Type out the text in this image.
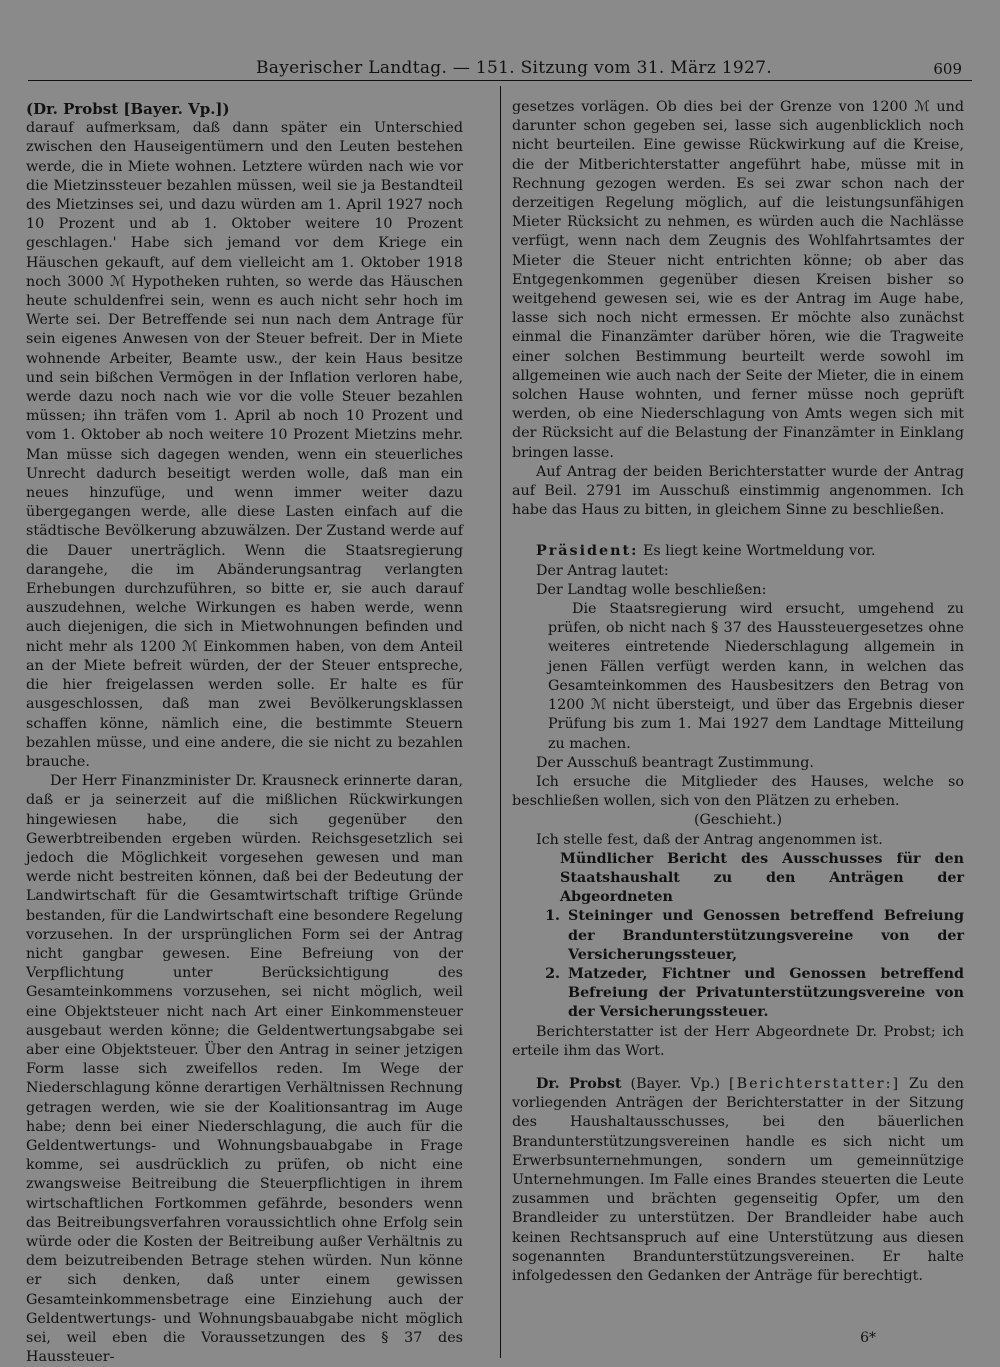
Bayerischer Landtag. — 151. Sitzung vom 31. März 1927.	609

(Dr. Probst [Bayer. Vp.])

darauf aufmerksam, daß dann später ein Unterschied zwischen den Hauseigentümern und den Leuten bestehen werde, die in Miete wohnen. Letztere würden nach wie vor die Mietzinssteuer bezahlen müssen, weil sie ja Bestandteil des Mietzinses sei, und dazu würden am 1. April 1927 noch 10 Prozent und ab 1. Oktober weitere 10 Prozent geschlagen.' Habe sich jemand vor dem Kriege ein Häuschen gekauft, auf dem vielleicht am 1. Oktober 1918 noch 3000 ℳ Hypotheken ruhten, so werde das Häuschen heute schuldenfrei sein, wenn es auch nicht sehr hoch im Werte sei. Der Betreffende sei nun nach dem Antrage für sein eigenes Anwesen von der Steuer befreit. Der in Miete wohnende Arbeiter, Beamte usw., der kein Haus besitze und sein bißchen Vermögen in der Inflation verloren habe, werde dazu noch nach wie vor die volle Steuer bezahlen müssen; ihn träfen vom 1. April ab noch 10 Prozent und vom 1. Oktober ab noch weitere 10 Prozent Mietzins mehr. Man müsse sich dagegen wenden, wenn ein steuerliches Unrecht dadurch beseitigt werden wolle, daß man ein neues hinzufüge, und wenn immer weiter dazu übergegangen werde, alle diese Lasten einfach auf die städtische Bevölkerung abzuwälzen. Der Zustand werde auf die Dauer unerträglich. Wenn die Staatsregierung darangehe, die im Abänderungsantrag verlangten Erhebungen durchzuführen, so bitte er, sie auch darauf auszudehnen, welche Wirkungen es haben werde, wenn auch diejenigen, die sich in Mietwohnungen befinden und nicht mehr als 1200 ℳ Einkommen haben, von dem Anteil an der Miete befreit würden, der der Steuer entspreche, die hier freigelassen werden solle. Er halte es für ausgeschlossen, daß man zwei Bevölkerungsklassen schaffen könne, nämlich eine, die bestimmte Steuern bezahlen müsse, und eine andere, die sie nicht zu bezahlen brauche.

Der Herr Finanzminister Dr. Krausneck erinnerte daran, daß er ja seinerzeit auf die mißlichen Rückwirkungen hingewiesen habe, die sich gegenüber den Gewerbtreibenden ergeben würden. Reichsgesetzlich sei jedoch die Möglichkeit vorgesehen gewesen und man werde nicht bestreiten können, daß bei der Bedeutung der Landwirtschaft für die Gesamtwirtschaft triftige Gründe bestanden, für die Landwirtschaft eine besondere Regelung vorzusehen. In der ursprünglichen Form sei der Antrag nicht gangbar gewesen. Eine Befreiung von der Verpflichtung unter Berücksichtigung des Gesamteinkommens vorzusehen, sei nicht möglich, weil eine Objektsteuer nicht nach Art einer Einkommensteuer ausgebaut werden könne; die Geldentwertungsabgabe sei aber eine Objektsteuer. Über den Antrag in seiner jetzigen Form lasse sich zweifellos reden. Im Wege der Niederschlagung könne derartigen Verhältnissen Rechnung getragen werden, wie sie der Koalitionsantrag im Auge habe; denn bei einer Niederschlagung, die auch für die Geldentwertungs- und Wohnungsbauabgabe in Frage komme, sei ausdrücklich zu prüfen, ob nicht eine zwangsweise Beitreibung die Steuerpflichtigen in ihrem wirtschaftlichen Fortkommen gefährde, besonders wenn das Beitreibungsverfahren voraussichtlich ohne Erfolg sein würde oder die Kosten der Beitreibung außer Verhältnis zu dem beizutreibenden Betrage stehen würden. Nun könne er sich denken, daß unter einem gewissen Gesamteinkommensbetrage eine Einziehung auch der Geldentwertungs- und Wohnungsbauabgabe nicht möglich sei, weil eben die Voraussetzungen des § 37 des Haussteuer-

gesetzes vorlägen. Ob dies bei der Grenze von 1200 ℳ und darunter schon gegeben sei, lasse sich augenblicklich noch nicht beurteilen. Eine gewisse Rückwirkung auf die Kreise, die der Mitberichterstatter angeführt habe, müsse mit in Rechnung gezogen werden. Es sei zwar schon nach der derzeitigen Regelung möglich, auf die leistungsunfähigen Mieter Rücksicht zu nehmen, es würden auch die Nachlässe verfügt, wenn nach dem Zeugnis des Wohlfahrtsamtes der Mieter die Steuer nicht entrichten könne; ob aber das Entgegenkommen gegenüber diesen Kreisen bisher so weitgehend gewesen sei, wie es der Antrag im Auge habe, lasse sich noch nicht ermessen. Er möchte also zunächst einmal die Finanzämter darüber hören, wie die Tragweite einer solchen Bestimmung beurteilt werde sowohl im allgemeinen wie auch nach der Seite der Mieter, die in einem solchen Hause wohnten, und ferner müsse noch geprüft werden, ob eine Niederschlagung von Amts wegen sich mit der Rücksicht auf die Belastung der Finanzämter in Einklang bringen lasse.

Auf Antrag der beiden Berichterstatter wurde der Antrag auf Beil. 2791 im Ausschuß einstimmig angenommen. Ich habe das Haus zu bitten, in gleichem Sinne zu beschließen.

Präsident: Es liegt keine Wortmeldung vor.

Der Antrag lautet:

Der Landtag wolle beschließen:

Die Staatsregierung wird ersucht, umgehend zu prüfen, ob nicht nach § 37 des Haussteuergesetzes ohne weiteres eintretende Niederschlagung allgemein in jenen Fällen verfügt werden kann, in welchen das Gesamteinkommen des Hausbesitzers den Betrag von 1200 ℳ nicht übersteigt, und über das Ergebnis dieser Prüfung bis zum 1. Mai 1927 dem Landtage Mitteilung zu machen.

Der Ausschuß beantragt Zustimmung.

Ich ersuche die Mitglieder des Hauses, welche so beschließen wollen, sich von den Plätzen zu erheben.

(Geschieht.)

Ich stelle fest, daß der Antrag angenommen ist.

Mündlicher Bericht des Ausschusses für den Staatshaushalt zu den Anträgen der Abgeordneten

1. Steininger und Genossen betreffend Befreiung der Brandunterstützungsvereine von der Versicherungssteuer,

2. Matzeder, Fichtner und Genossen betreffend Befreiung der Privatunterstützungsvereine von der Versicherungssteuer.

Berichterstatter ist der Herr Abgeordnete Dr. Probst; ich erteile ihm das Wort.

Dr. Probst (Bayer. Vp.) [Berichterstatter:] Zu den vorliegenden Anträgen der Berichterstatter in der Sitzung des Haushaltausschusses, bei den bäuerlichen Brandunterstützungsvereinen handle es sich nicht um Erwerbsunternehmungen, sondern um gemeinnützige Unternehmungen. Im Falle eines Brandes steuerten die Leute zusammen und brächten gegenseitig Opfer, um den Brandleider zu unterstützen. Der Brandleider habe auch keinen Rechtsanspruch auf eine Unterstützung aus diesen sogenannten Brandunterstützungsvereinen. Er halte infolgedessen den Gedanken der Anträge für berechtigt.

6*
